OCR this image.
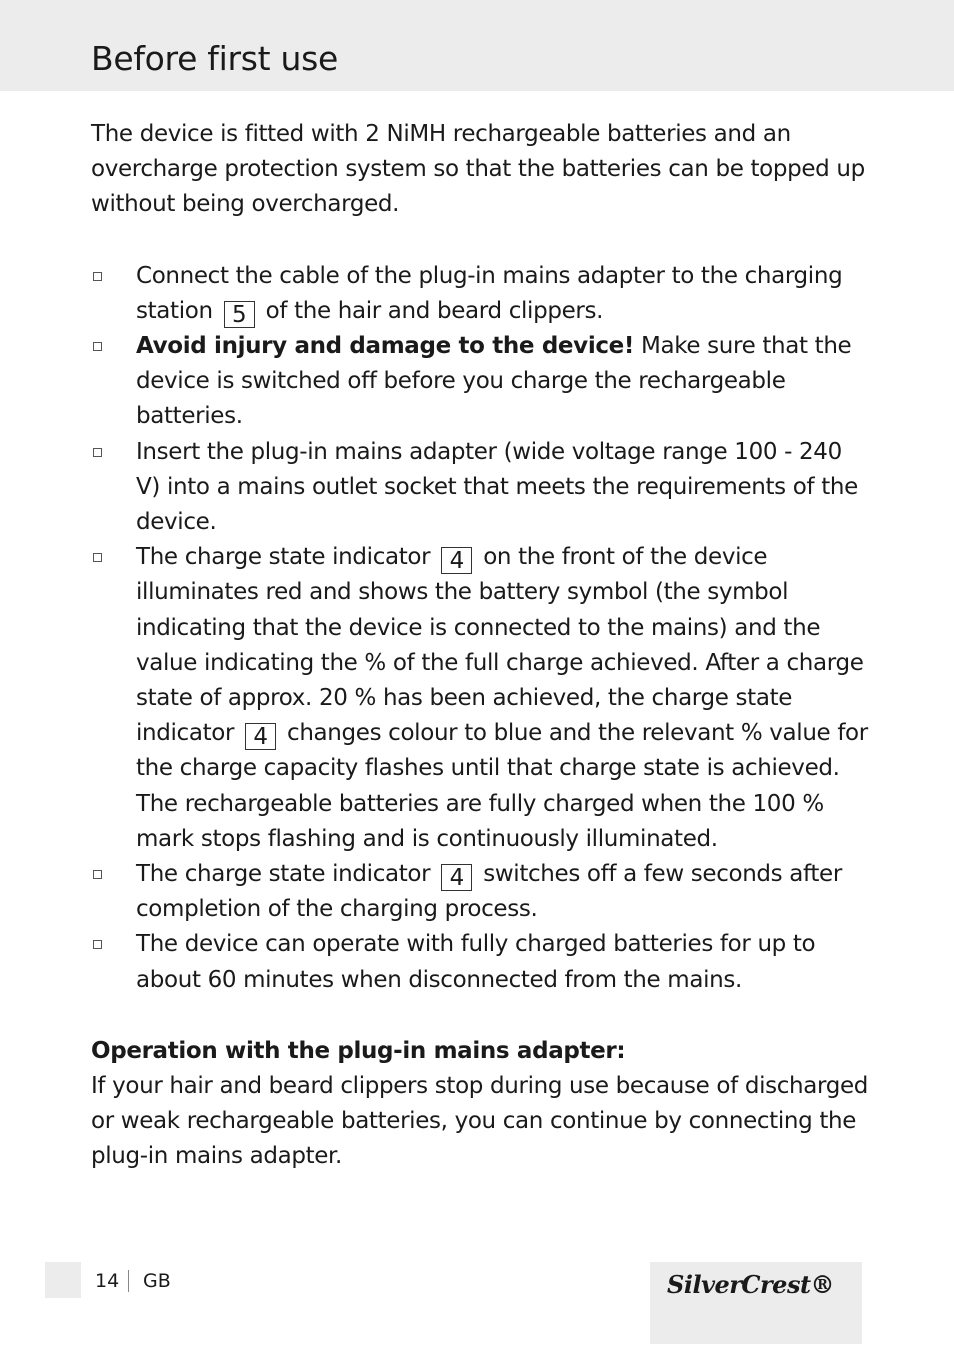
Before first use

The device is fitted with 2 NiMH rechargeable batteries and an overcharge protection system so that the batteries can be topped up without being overcharged.

Connect the cable of the plug-in mains adapter to the charging station 5 of the hair and beard clippers.
Avoid injury and damage to the device! Make sure that the device is switched off before you charge the rechargeable batteries.
Insert the plug-in mains adapter (wide voltage range 100 - 240 V) into a mains outlet socket that meets the requirements of the device.
The charge state indicator 4 on the front of the device illuminates red and shows the battery symbol (the symbol indicating that the device is connected to the mains) and the value indicating the % of the full charge achieved. After a charge state of approx. 20 % has been achieved, the charge state indicator 4 changes colour to blue and the relevant % value for the charge capacity flashes until that charge state is achieved. The rechargeable batteries are fully charged when the 100 % mark stops flashing and is continuously illuminated.
The charge state indicator 4 switches off a few seconds after completion of the charging process.
The device can operate with fully charged batteries for up to about 60 minutes when disconnected from the mains.
Operation with the plug-in mains adapter:

If your hair and beard clippers stop during use because of discharged or weak rechargeable batteries, you can continue by connecting the plug-in mains adapter.

14	GB	SilverCrest®
